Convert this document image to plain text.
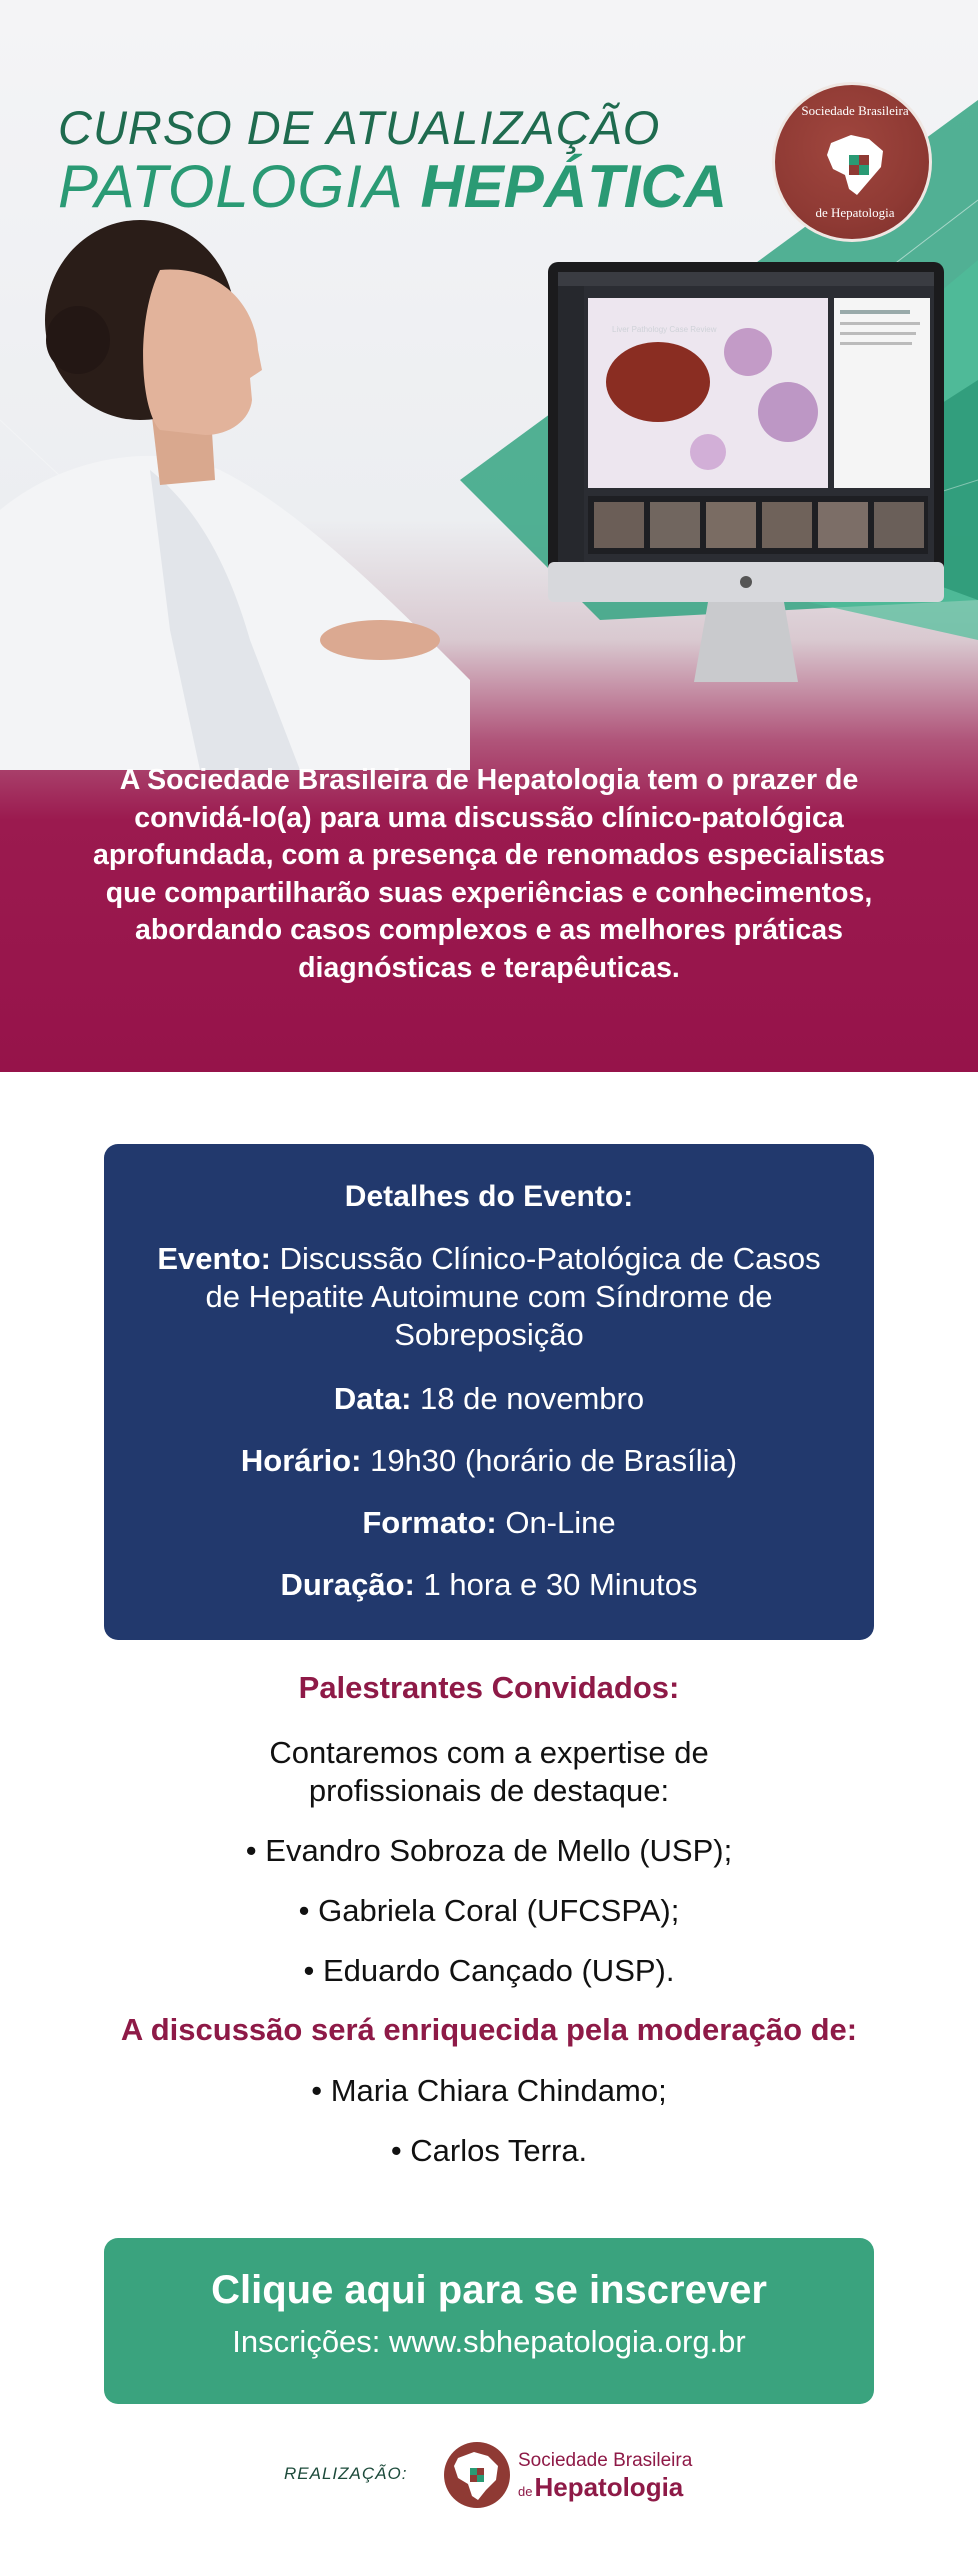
CURSO DE ATUALIZAÇÃO
PATOLOGIA HEPÁTICA
Sociedade Brasileira
de Hepatologia
Liver Pathology Case Review

A Sociedade Brasileira de Hepatologia tem o prazer de convidá-lo(a) para uma discussão clínico-patológica aprofundada, com a presença de renomados especialistas que compartilharão suas experiências e conhecimentos, abordando casos complexos e as melhores práticas diagnósticas e terapêuticas.

Detalhes do Evento:
Evento: Discussão Clínico-Patológica de Casos de Hepatite Autoimune com Síndrome de Sobreposição
Data: 18 de novembro
Horário: 19h30 (horário de Brasília)
Formato: On-Line
Duração: 1 hora e 30 Minutos
Palestrantes Convidados:
Contaremos com a expertise de profissionais de destaque:
• Evandro Sobroza de Mello (USP);
• Gabriela Coral (UFCSPA);
• Eduardo Cançado (USP).
A discussão será enriquecida pela moderação de:
• Maria Chiara Chindamo;
• Carlos Terra.
Clique aqui para se inscrever
Inscrições: www.sbhepatologia.org.br
REALIZAÇÃO:
Sociedade Brasileira
deHepatologia
